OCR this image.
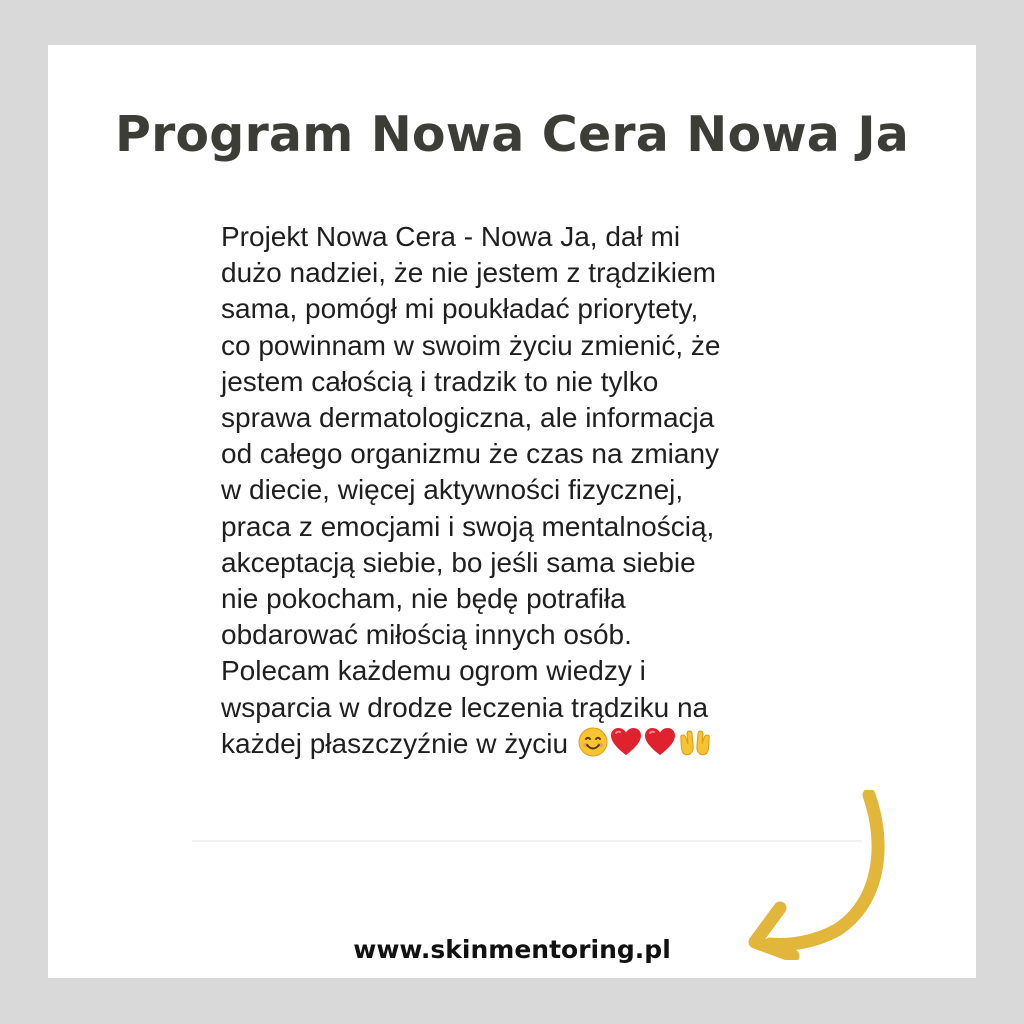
Program Nowa Cera Nowa Ja

Projekt Nowa Cera - Nowa Ja, dał mi
dużo nadziei, że nie jestem z trądzikiem
sama, pomógł mi poukładać priorytety,
co powinnam w swoim życiu zmienić, że
jestem całością i tradzik to nie tylko
sprawa dermatologiczna, ale informacja
od całego organizmu że czas na zmiany
w diecie, więcej aktywności fizycznej,
praca z emocjami i swoją mentalnością,
akceptacją siebie, bo jeśli sama siebie
nie pokocham, nie będę potrafiła
obdarować miłością innych osób.
Polecam każdemu ogrom wiedzy i
wsparcia w drodze leczenia trądziku na
każdej płaszczyźnie w życiu

www.skinmentoring.pl
